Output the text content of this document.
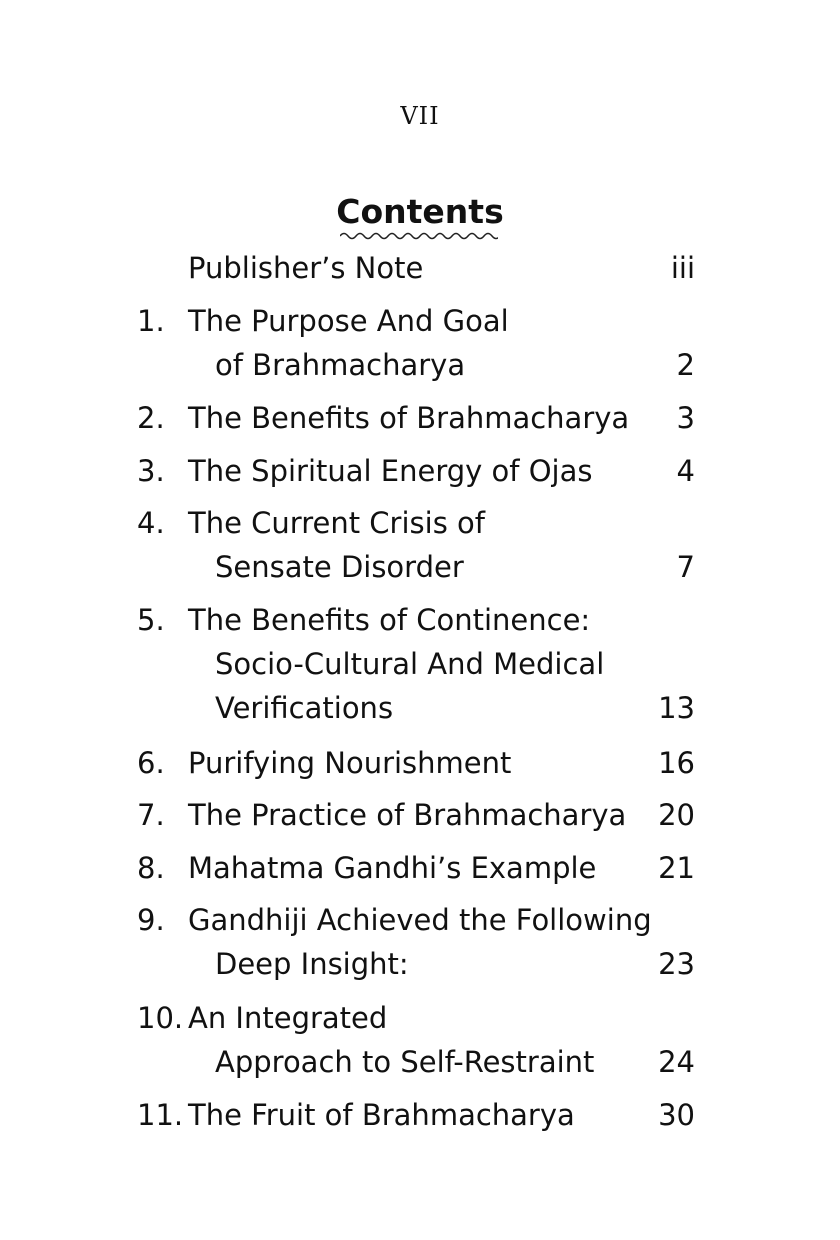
VII
Contents
Publisher’s Note	iii
1. The Purpose And Goal
of Brahmacharya	2
2. The Benefits of Brahmacharya 3
3. The Spiritual Energy of Ojas	4
4. The Current Crisis of
Sensate Disorder	7
5. The Benefits of Continence:
Socio-Cultural And Medical
Verifications	13
6. Purifying Nourishment	16
7. The Practice of Brahmacharya 20
8. Mahatma Gandhi’s Example 21
9. Gandhiji Achieved the Following
Deep Insight:	23
10. An Integrated
Approach to Self-Restraint 24
11. The Fruit of Brahmacharya	30
